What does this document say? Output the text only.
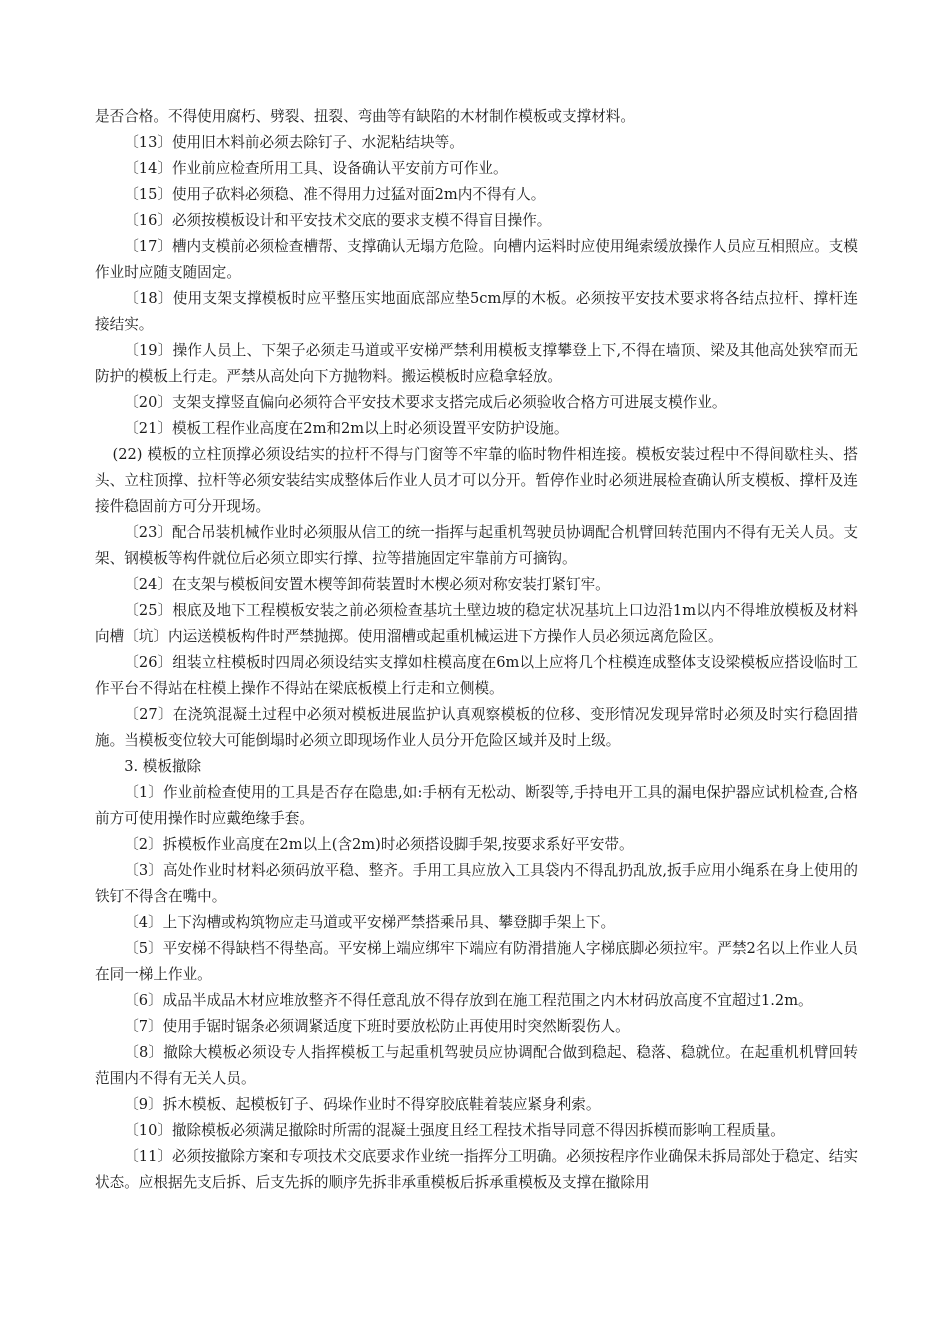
是否合格。不得使用腐朽、劈裂、扭裂、弯曲等有缺陷的木材制作模板或支撑材料。

〔13〕使用旧木料前必须去除钉子、水泥粘结块等。

〔14〕作业前应检查所用工具、设备确认平安前方可作业。

〔15〕使用子砍料必须稳、准不得用力过猛对面2m内不得有人。

〔16〕必须按模板设计和平安技术交底的要求支模不得盲目操作。

〔17〕槽内支模前必须检查槽帮、支撑确认无塌方危险。向槽内运料时应使用绳索缓放操作人员应互相照应。支模作业时应随支随固定。

〔18〕使用支架支撑模板时应平整压实地面底部应垫5cm厚的木板。必须按平安技术要求将各结点拉杆、撑杆连接结实。

〔19〕操作人员上、下架子必须走马道或平安梯严禁利用模板支撑攀登上下,不得在墙顶、梁及其他高处狭窄而无防护的模板上行走。严禁从高处向下方抛物料。搬运模板时应稳拿轻放。

〔20〕支架支撑竖直偏向必须符合平安技术要求支搭完成后必须验收合格方可进展支模作业。

〔21〕模板工程作业高度在2m和2m以上时必须设置平安防护设施。

(22) 模板的立柱顶撑必须设结实的拉杆不得与门窗等不牢靠的临时物件相连接。模板安装过程中不得间歇柱头、搭头、立柱顶撑、拉杆等必须安装结实成整体后作业人员才可以分开。暂停作业时必须进展检查确认所支模板、撑杆及连接件稳固前方可分开现场。

〔23〕配合吊装机械作业时必须服从信工的统一指挥与起重机驾驶员协调配合机臂回转范围内不得有无关人员。支架、钢模板等构件就位后必须立即实行撑、拉等措施固定牢靠前方可摘钩。

〔24〕在支架与模板间安置木楔等卸荷装置时木楔必须对称安装打紧钉牢。

〔25〕根底及地下工程模板安装之前必须检查基坑土壁边坡的稳定状况基坑上口边沿1m以内不得堆放模板及材料向槽〔坑〕内运送模板构件时严禁抛掷。使用溜槽或起重机械运进下方操作人员必须远离危险区。

〔26〕组装立柱模板时四周必须设结实支撑如柱模高度在6m以上应将几个柱模连成整体支设梁模板应搭设临时工作平台不得站在柱模上操作不得站在梁底板模上行走和立侧模。

〔27〕在浇筑混凝土过程中必须对模板进展监护认真观察模板的位移、变形情况发现异常时必须及时实行稳固措施。当模板变位较大可能倒塌时必须立即现场作业人员分开危险区域并及时上级。

3. 模板撤除

〔1〕作业前检查使用的工具是否存在隐患,如:手柄有无松动、断裂等,手持电开工具的漏电保护器应试机检查,合格前方可使用操作时应戴绝缘手套。

〔2〕拆模板作业高度在2m以上(含2m)时必须搭设脚手架,按要求系好平安带。

〔3〕高处作业时材料必须码放平稳、整齐。手用工具应放入工具袋内不得乱扔乱放,扳手应用小绳系在身上使用的铁钉不得含在嘴中。

〔4〕上下沟槽或构筑物应走马道或平安梯严禁搭乘吊具、攀登脚手架上下。

〔5〕平安梯不得缺档不得垫高。平安梯上端应绑牢下端应有防滑措施人字梯底脚必须拉牢。严禁2名以上作业人员在同一梯上作业。

〔6〕成品半成品木材应堆放整齐不得任意乱放不得存放到在施工程范围之内木材码放高度不宜超过1.2m。

〔7〕使用手锯时锯条必须调紧适度下班时要放松防止再使用时突然断裂伤人。

〔8〕撤除大模板必须设专人指挥模板工与起重机驾驶员应协调配合做到稳起、稳落、稳就位。在起重机机臂回转范围内不得有无关人员。

〔9〕拆木模板、起模板钉子、码垛作业时不得穿胶底鞋着装应紧身利索。

〔10〕撤除模板必须满足撤除时所需的混凝土强度且经工程技术指导同意不得因拆模而影响工程质量。

〔11〕必须按撤除方案和专项技术交底要求作业统一指挥分工明确。必须按程序作业确保未拆局部处于稳定、结实状态。应根据先支后拆、后支先拆的顺序先拆非承重模板后拆承重模板及支撑在撤除用
